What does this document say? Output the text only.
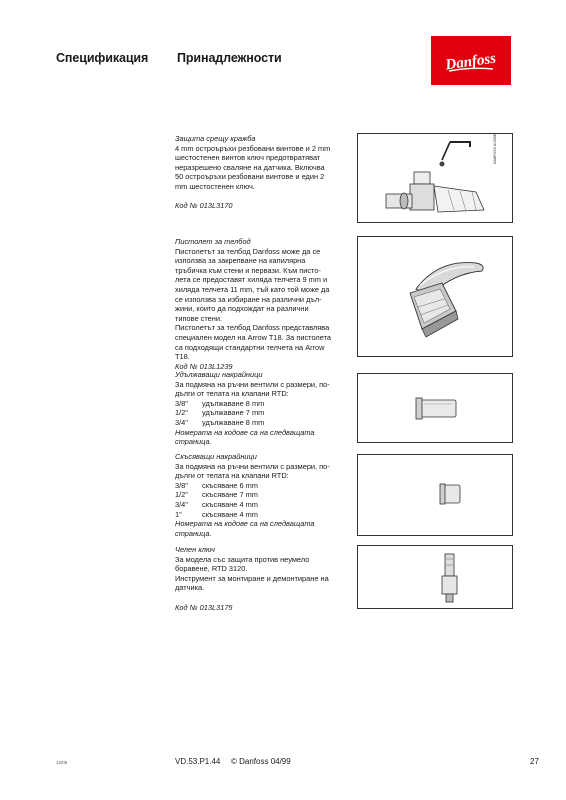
Спецификация Принадлежности	Danfoss

Защита срещу кражба

4 mm остроъръхи резбовани винтове и 2 mm

шестостенен винтов ключ предотвратяват

неразрешено сваляне на датчика. Включва

50 остроъръхи резбовани винтове и един 2

mm шестостенен ключ.

Код № 013L3170

DANFOSS A1008E113.10

Пистолет за телбод

Пистолетът за телбод Danfoss може да се

използва за закрепване на капилярна

тръбичка към стени и первази. Към писто-

лета се предоставят хиляда телчета 9 mm и

хиляда телчета 11 mm, тъй като той може да

се използва за избиране на различни дъл-

жини, които да подхождат на различни

типове стени.

Пистолетът за телбод Danfoss представлява

специален модел на Arrow T18. За пистолета

са подходящи стандартни телчета на Arrow

T18.

Код № 013L1239

Удължаващи накрайници

За подмяна на ръчни вентили с размери, по-

дълги от телата на клапани RTD:

3/8"	удължаване 8 mm
1/2"	удължаване 7 mm
3/4"	удължаване 8 mm

Номерата на кодове са на следващата страница.

Скъсяващи накрайници

За подмяна на ръчни вентили с размери, по-

дълги от телата на клапани RTD:

3/8"	скъсяване 6 mm
1/2"	скъсяване 7 mm
3/4"	скъсяване 4 mm
1"	скъсяване 4 mm

Номерата на кодове са на следващата страница.

Челен ключ

За модела със защита против неумело

боравене, RTD 3120.

Инструмент за монтиране и демонтиране на

датчика.

Код № 013L3175

12/05	VD.53.P1.44 © Danfoss 04/99	27
